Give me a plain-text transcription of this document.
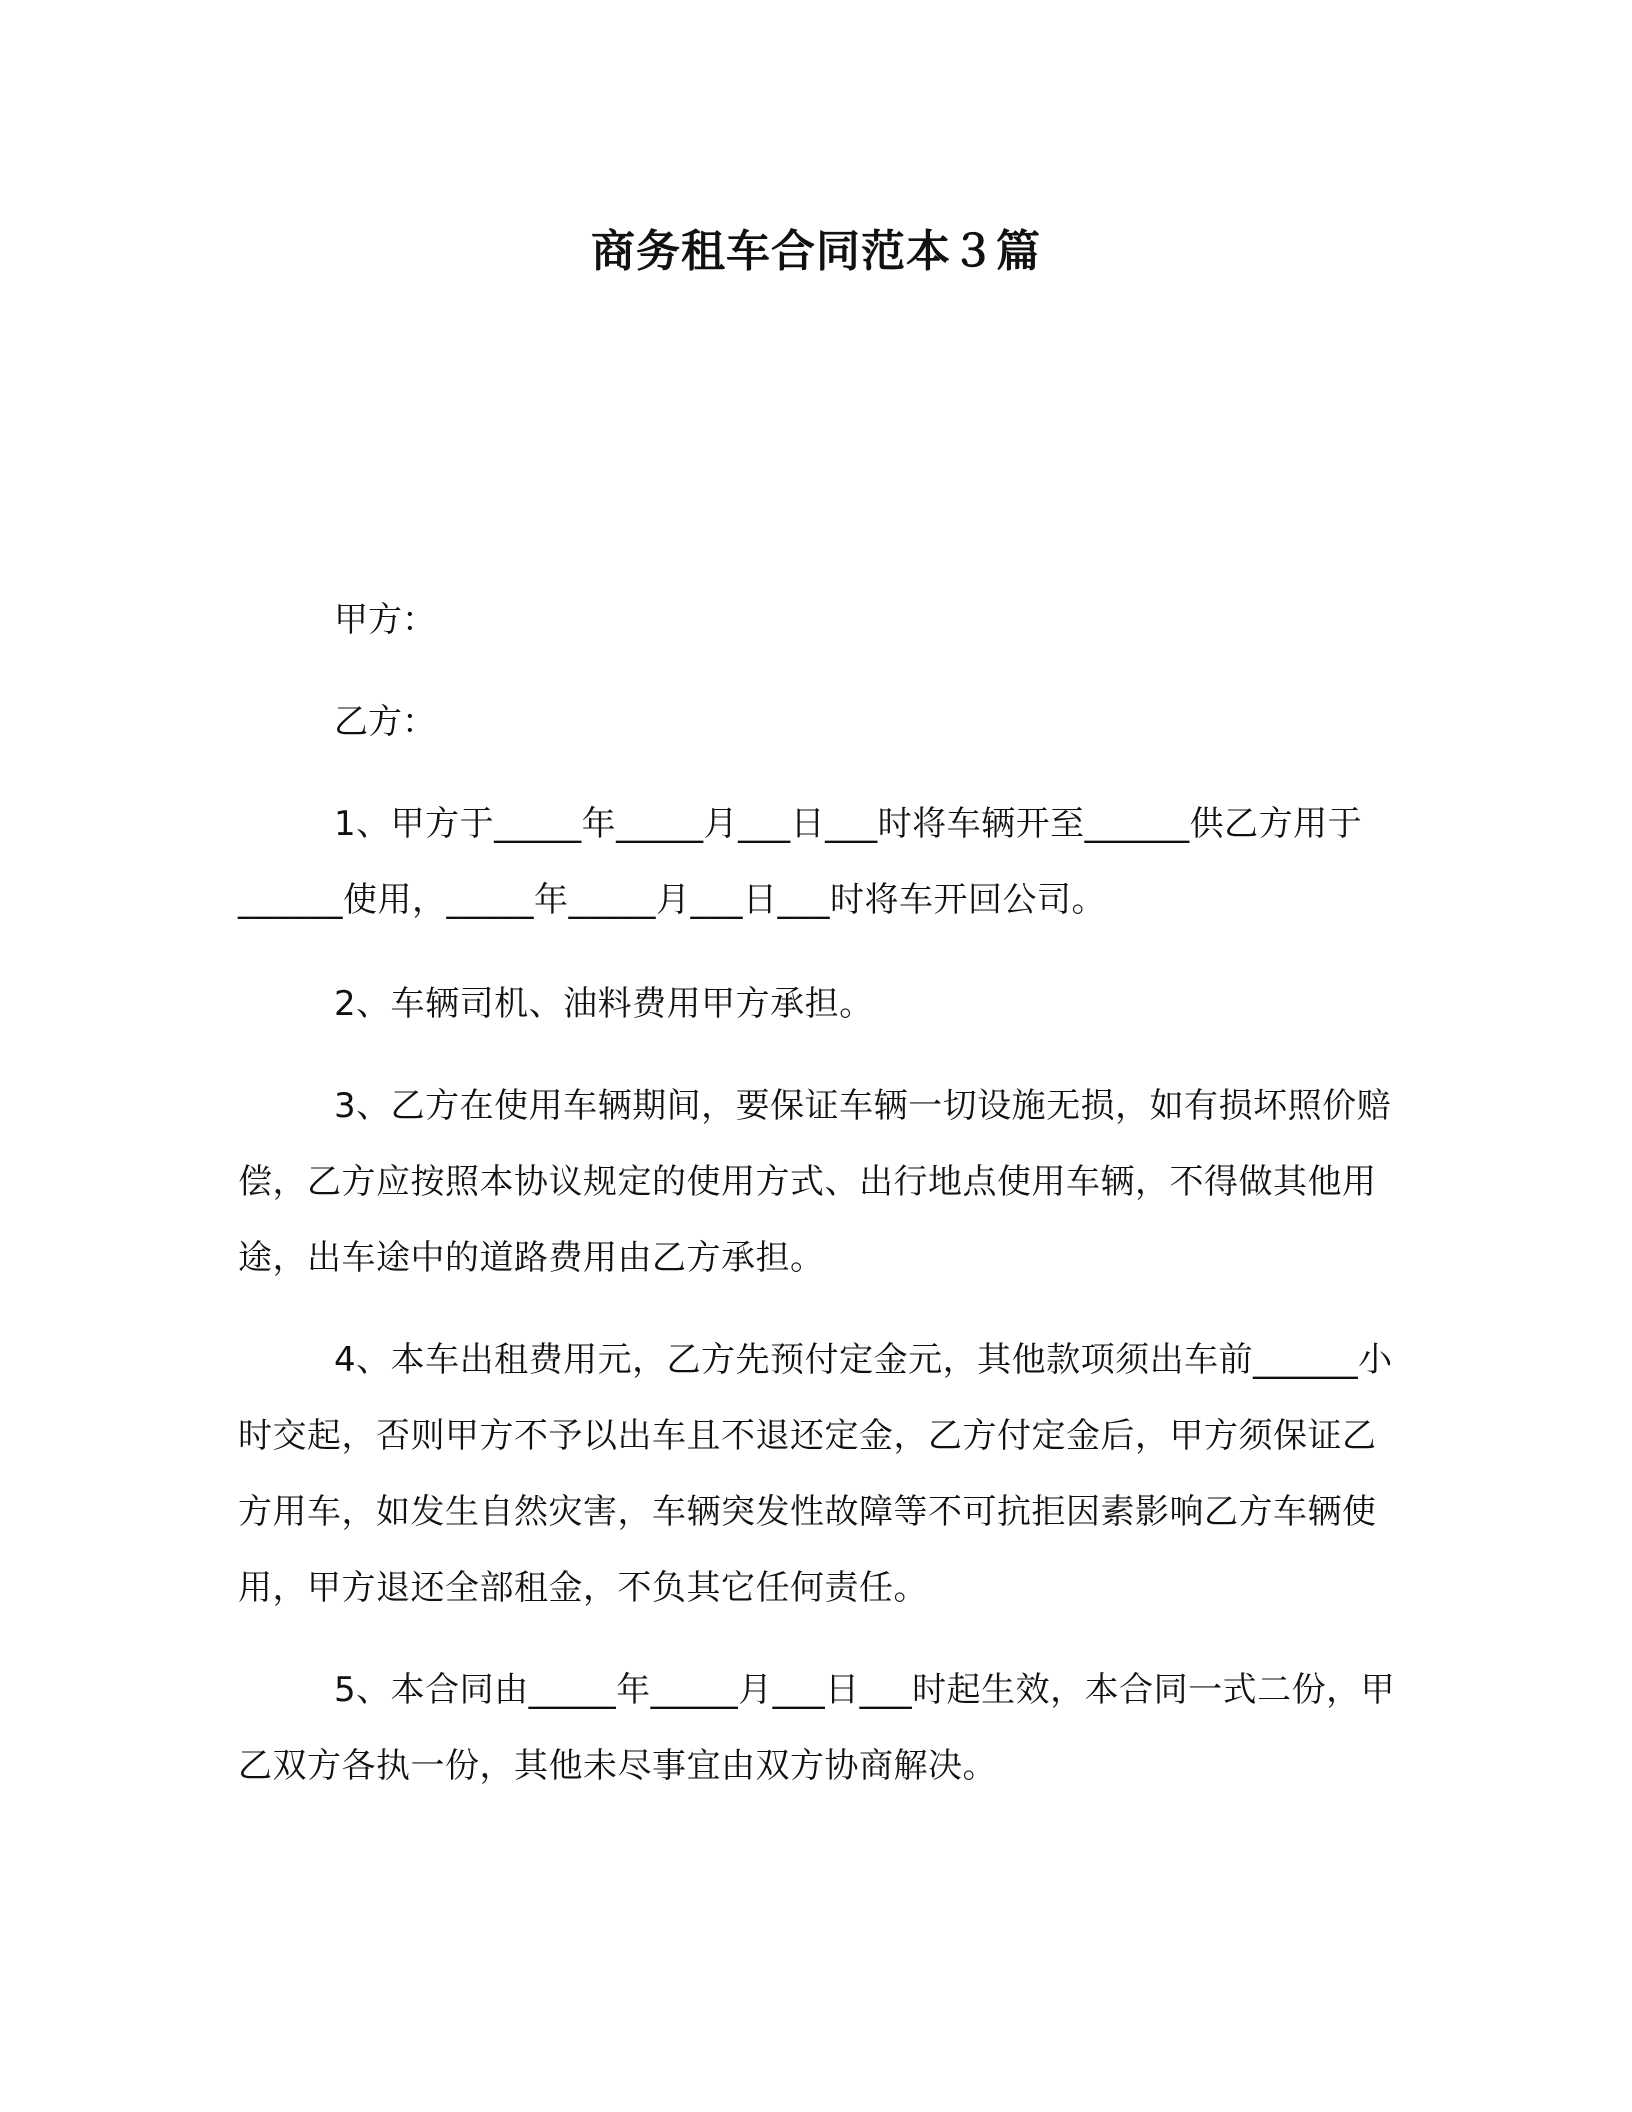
商务租车合同范本３篇
甲方：
乙方：
1、甲方于_____年_____月___日___时将车辆开至______供乙方用于______使用，_____年_____月___日___时将车开回公司。
2、车辆司机、油料费用甲方承担。
3、乙方在使用车辆期间，要保证车辆一切设施无损，如有损坏照价赔偿，乙方应按照本协议规定的使用方式、出行地点使用车辆，不得做其他用途，出车途中的道路费用由乙方承担。
4、本车出租费用元，乙方先预付定金元，其他款项须出车前______小时交起，否则甲方不予以出车且不退还定金，乙方付定金后，甲方须保证乙方用车，如发生自然灾害，车辆突发性故障等不可抗拒因素影响乙方车辆使用，甲方退还全部租金，不负其它任何责任。
5、本合同由_____年_____月___日___时起生效，本合同一式二份，甲乙双方各执一份，其他未尽事宜由双方协商解决。
